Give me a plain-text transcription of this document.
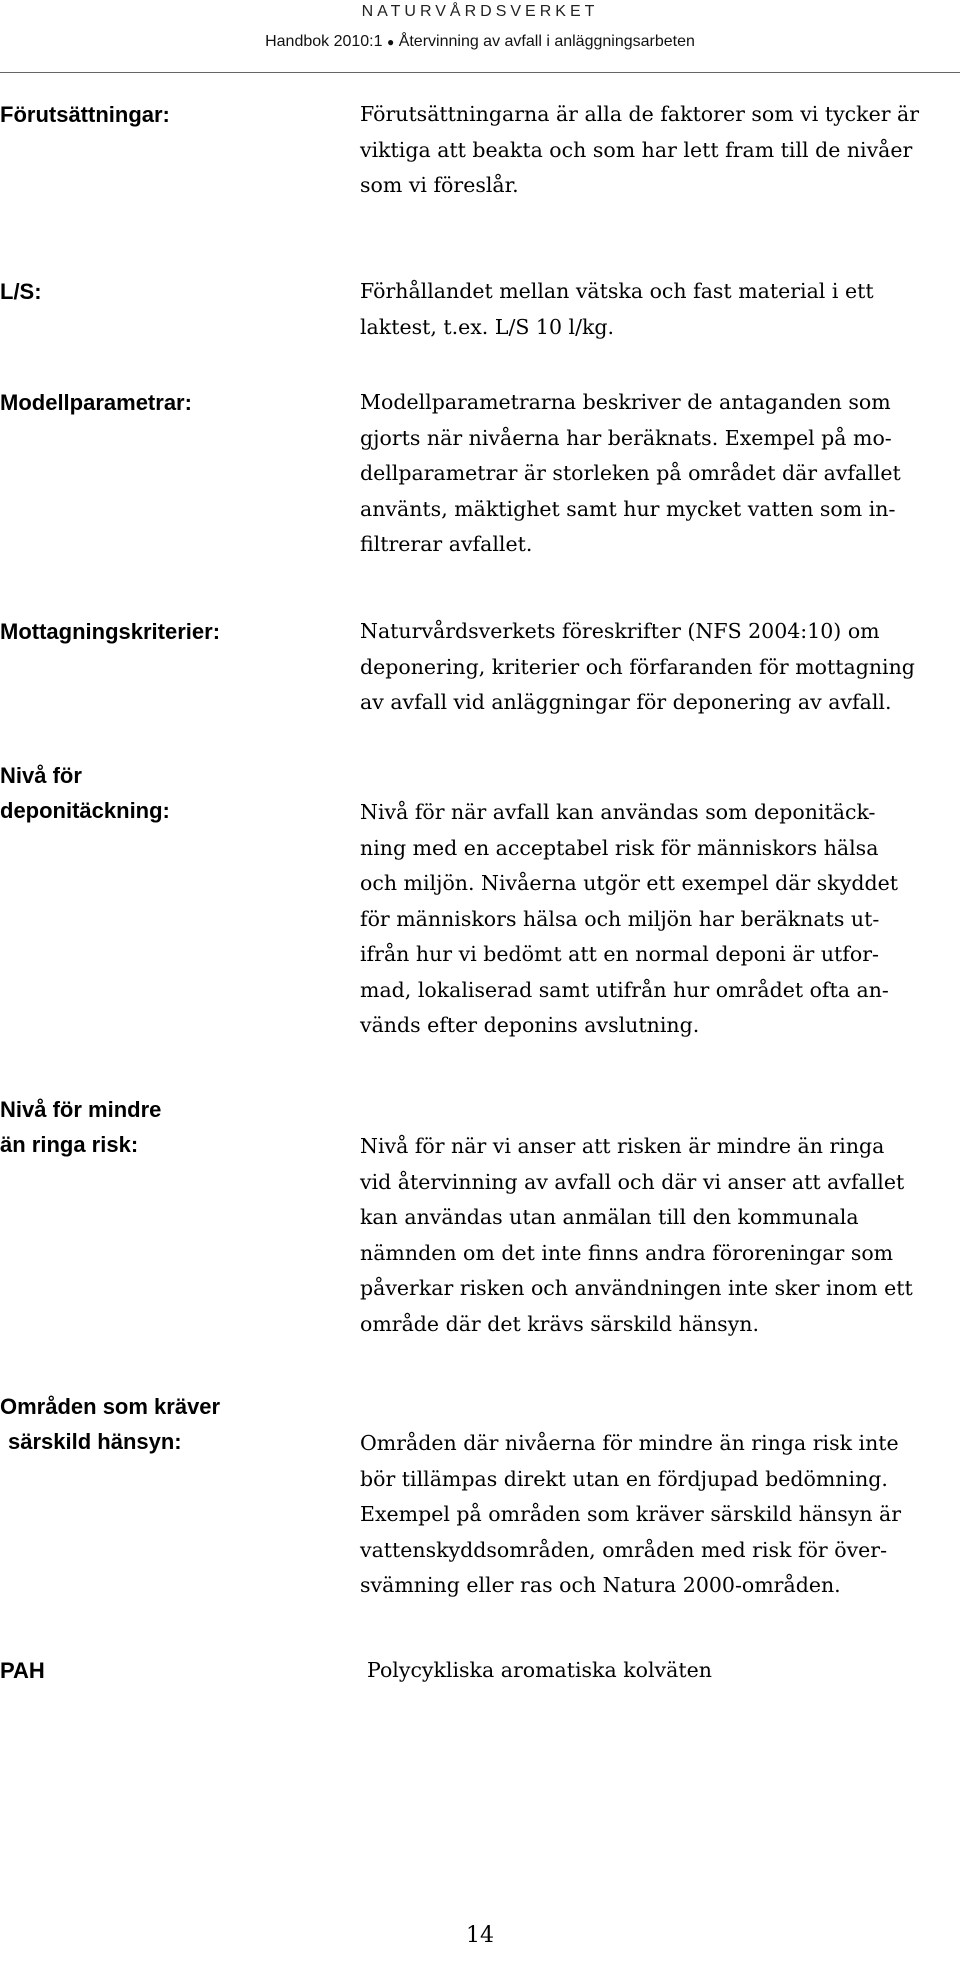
NATURVÅRDSVERKET
Handbok 2010:1 ● Återvinning av avfall i anläggningsarbeten
Förutsättningar:	Förutsättningarna är alla de faktorer som vi tycker är
viktiga att beakta och som har lett fram till de nivåer
som vi föreslår.
L/S:	Förhållandet mellan vätska och fast material i ett
laktest, t.ex. L/S 10 l/kg.
Modellparametrar:	Modellparametrarna beskriver de antaganden som
gjorts när nivåerna har beräknats. Exempel på mo-
dellparametrar är storleken på området där avfallet
använts, mäktighet samt hur mycket vatten som in-
filtrerar avfallet.
Mottagningskriterier:	Naturvårdsverkets föreskrifter (NFS 2004:10) om
deponering, kriterier och förfaranden för mottagning
av avfall vid anläggningar för deponering av avfall.
Nivå för
deponitäckning:	Nivå för när avfall kan användas som deponitäck-
ning med en acceptabel risk för människors hälsa
och miljön. Nivåerna utgör ett exempel där skyddet
för människors hälsa och miljön har beräknats ut-
ifrån hur vi bedömt att en normal deponi är utfor-
mad, lokaliserad samt utifrån hur området ofta an-
vänds efter deponins avslutning.
Nivå för mindre
än ringa risk:	Nivå för när vi anser att risken är mindre än ringa
vid återvinning av avfall och där vi anser att avfallet
kan användas utan anmälan till den kommunala
nämnden om det inte finns andra föroreningar som
påverkar risken och användningen inte sker inom ett
område där det krävs särskild hänsyn.
Områden som kräver
särskild hänsyn:	Områden där nivåerna för mindre än ringa risk inte
bör tillämpas direkt utan en fördjupad bedömning.
Exempel på områden som kräver särskild hänsyn är
vattenskyddsområden, områden med risk för över-
svämning eller ras och Natura 2000-områden.
PAH	Polycykliska aromatiska kolväten
14
